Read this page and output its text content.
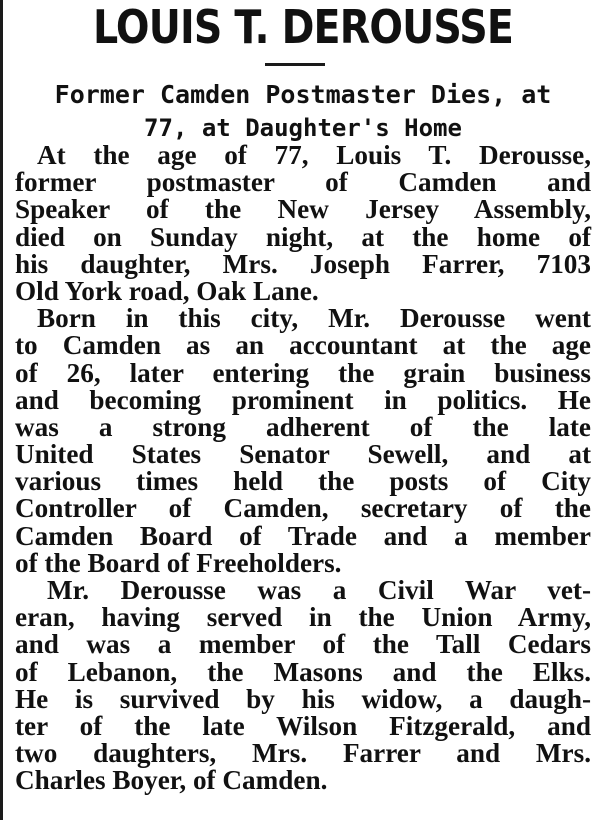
LOUIS T. DEROUSSE
Former Camden Postmaster Dies, at
77, at Daughter's Home
At the age of 77, Louis T. Derousse,
former postmaster of Camden and
Speaker of the New Jersey Assembly,
died on Sunday night, at the home of
his daughter, Mrs. Joseph Farrer, 7103
Old York road, Oak Lane.
Born in this city, Mr. Derousse went
to Camden as an accountant at the age
of 26, later entering the grain business
and becoming prominent in politics. He
was a strong adherent of the late
United States Senator Sewell, and at
various times held the posts of City
Controller of Camden, secretary of the
Camden Board of Trade and a member
of the Board of Freeholders.
Mr. Derousse was a Civil War vet-
eran, having served in the Union Army,
and was a member of the Tall Cedars
of Lebanon, the Masons and the Elks.
He is survived by his widow, a daugh-
ter of the late Wilson Fitzgerald, and
two daughters, Mrs. Farrer and Mrs.
Charles Boyer, of Camden.
